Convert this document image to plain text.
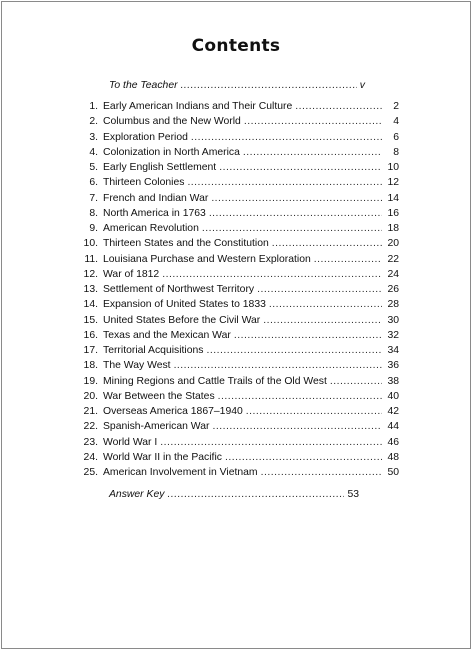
Contents
To the Teacher . . .	v
1. Early American Indians and Their Culture . . .	2
2. Columbus and the New World . . .	4
3. Exploration Period . . .	6
4. Colonization in North America . . .	8
5. Early English Settlement . . .	10
6. Thirteen Colonies . . .	12
7. French and Indian War . . .	14
8. North America in 1763 . . .	16
9. American Revolution . . .	18
10. Thirteen States and the Constitution . . .	20
11. Louisiana Purchase and Western Exploration . . .	22
12. War of 1812 . . .	24
13. Settlement of Northwest Territory . . .	26
14. Expansion of United States to 1833 . . .	28
15. United States Before the Civil War . . .	30
16. Texas and the Mexican War . . .	32
17. Territorial Acquisitions . . .	34
18. The Way West . . .	36
19. Mining Regions and Cattle Trails of the Old West . . .	38
20. War Between the States . . .	40
21. Overseas America 1867–1940 . . .	42
22. Spanish-American War . . .	44
23. World War I . . .	46
24. World War II in the Pacific . . .	48
25. American Involvement in Vietnam . . .	50
Answer Key . . .	53
